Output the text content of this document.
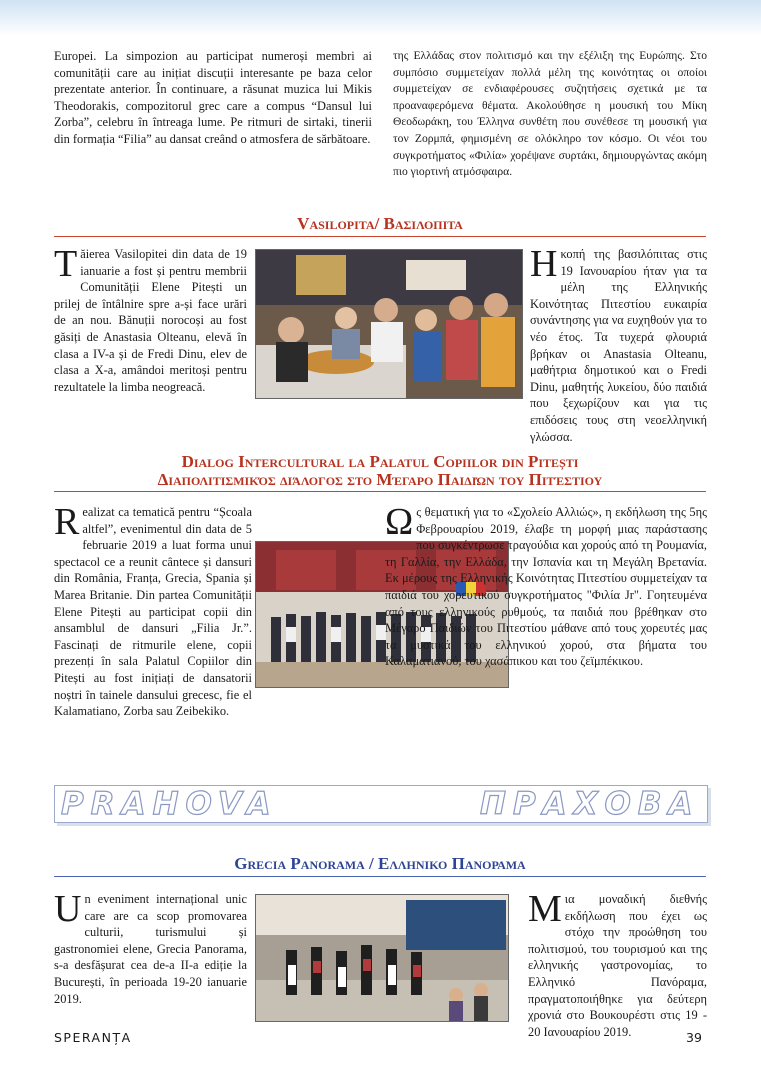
Europei. La simpozion au participat numeroși membri ai comunității care au inițiat discuții interesante pe baza celor prezentate anterior. În continuare, a răsunat muzica lui Mikis Theodorakis, compozitorul grec care a compus “Dansul lui Zorba”, celebru în întreaga lume. Pe ritmuri de sirtaki, tinerii din formația “Filia” au dansat creând o atmosfera de sărbătoare.

της Ελλάδας στον πολιτισμό και την εξέλιξη της Ευρώπης. Στο συμπόσιο συμμετείχαν πολλά μέλη της κοινότητας οι οποίοι συμμετείχαν σε ενδιαφέρουσες συζητήσεις σχετικά με τα προαναφερόμενα θέματα. Ακολούθησε η μουσική του Μίκη Θεοδωράκη, του Έλληνα συνθέτη που συνέθεσε τη μουσική για τον Ζορμπά, φημισμένη σε ολόκληρο τον κόσμο. Οι νέοι του συγκροτήματος «Φιλία» χορέψανε συρτάκι, δημιουργώντας ακόμη πιο γιορτινή ατμόσφαιρα.

Vasilopita/ Βασιλοπιτα
Tăierea Vasilopitei din data de 19 ianuarie a fost și pentru membrii Comunității Elene Pitești un prilej de întâlnire spre a-și face urări de an nou. Bănuții norocoși au fost găsiți de Anastasia Olteanu, elevă în clasa a IV-a și de Fredi Dinu, elev de clasa a X-a, amândoi meritoși pentru rezultatele la limba neogreacă.
Ηκοπή της βασιλόπιτας στις 19 Ιανουαρίου ήταν για τα μέλη της Ελληνικής Κοινότητας Πιτεστίου ευκαιρία συνάντησης για να ευχηθούν για το νέο έτος. Τα τυχερά φλουριά βρήκαν οι Anastasia Olteanu, μαθήτρια δημοτικού και ο Fredi Dinu, μαθητής λυκείου, δύο παιδιά που ξεχωρίζουν και για τις επιδόσεις τους στη νεοελληνική γλώσσα.
Dialog Intercultural la Palatul Copiilor din Pitești
Διαπολιτισμικός διάλογος στο Μέγαρο Παιδιών του Πιτέστιου
Realizat ca tematică pentru “Școala altfel”, evenimentul din data de 5 februarie 2019 a luat forma unui spectacol ce a reunit cântece și dansuri din România, Franța, Grecia, Spania și Marea Britanie. Din partea Comunității Elene Pitești au participat copii din ansamblul de dansuri „Filia Jr.”. Fascinați de ritmurile elene, copii prezenți în sala Palatul Copiilor din Pitești au fost inițiați de dansatorii noștri în tainele dansului grecesc, fie el Kalamatiano, Zorba sau Zeibekiko.
Ως θεματική για το «Σχολείο Αλλιώς», η εκδήλωση της 5ης Φεβρουαρίου 2019, έλαβε τη μορφή μιας παράστασης που συγκέντρωσε τραγούδια και χορούς από τη Ρουμανία, τη Γαλλία, την Ελλάδα, την Ισπανία και τη Μεγάλη Βρετανία. Εκ μέρους της Ελληνικής Κοινότητας Πιτεστίου συμμετείχαν τα παιδιά του χορευτικού συγκροτήματος "Φιλία Jr". Γοητευμένα από τους ελληνικούς ρυθμούς, τα παιδιά που βρέθηκαν στο Μέγαρο Παιδιών του Πιτεστίου μάθανε από τους χορευτές μας τα μυστικά του ελληνικού χορού, στα βήματα του Καλαματιανού, του χασάπικου και του ζεϊμπέκικου.
PRAHOVA	ΠΡΑΧΟΒΑ
Grecia Panorama / Ελληνικο Πανοραμα
Un eveniment internațional unic care are ca scop promovarea culturii, turismului și gastronomiei elene, Grecia Panorama, s-a desfășurat cea de-a II-a ediție la București, în perioada 19-20 ianuarie 2019.
Μια μοναδική διεθνής εκδήλωση που έχει ως στόχο την προώθηση του πολιτισμού, του τουρισμού και της ελληνικής γαστρονομίας, το Ελληνικό Πανόραμα, πραγματοποιήθηκε για δεύτερη χρονιά στο Βουκουρέστι στις 19 - 20 Ιανουαρίου 2019.
SPERANȚA	39
